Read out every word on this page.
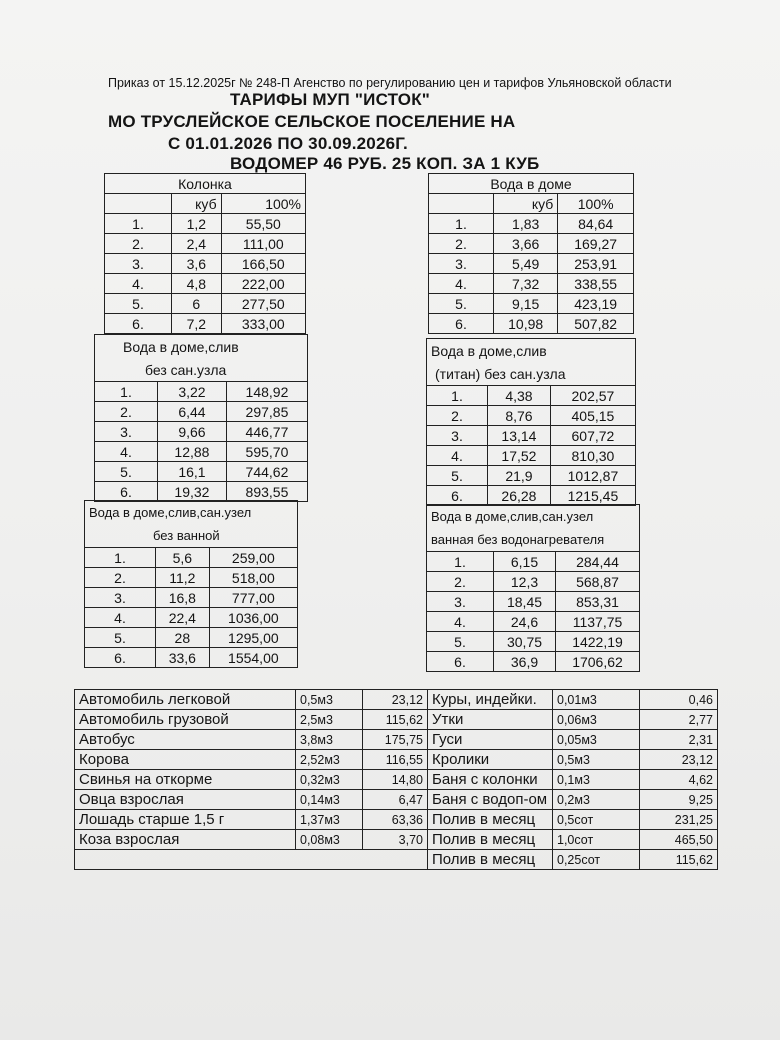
Приказ от 15.12.2025г № 248-П Агенство по регулированию цен и тарифов Ульяновской области
ТАРИФЫ МУП "ИСТОК"
МО ТРУСЛЕЙСКОЕ СЕЛЬСКОЕ ПОСЕЛЕНИЕ НА
С 01.01.2026 ПО 30.09.2026Г.
ВОДОМЕР 46 РУБ. 25 КОП. ЗА 1 КУБ
Колонка		
	куб	100%
1.	1,2	55,50
2.	2,4	111,00
3.	3,6	166,50
4.	4,8	222,00
5.	6	277,50
6.	7,2	333,00
Вода в доме		
	куб	100%
1.	1,83	84,64
2.	3,66	169,27
3.	5,49	253,91
4.	7,32	338,55
5.	9,15	423,19
6.	10,98	507,82
Вода в доме,слив		
без сан.узла		
1.	3,22	148,92
2.	6,44	297,85
3.	9,66	446,77
4.	12,88	595,70
5.	16,1	744,62
6.	19,32	893,55
Вода в доме,слив		
(титан) без сан.узла		
1.	4,38	202,57
2.	8,76	405,15
3.	13,14	607,72
4.	17,52	810,30
5.	21,9	1012,87
6.	26,28	1215,45
Вода в доме,слив,сан.узел		
без ванной		
1.	5,6	259,00
2.	11,2	518,00
3.	16,8	777,00
4.	22,4	1036,00
5.	28	1295,00
6.	33,6	1554,00
Вода в доме,слив,сан.узел		
ванная без водонагревателя		
1.	6,15	284,44
2.	12,3	568,87
3.	18,45	853,31
4.	24,6	1137,75
5.	30,75	1422,19
6.	36,9	1706,62
Автомобиль легковой	0,5м3	23,12	Куры, индейки.	0,01м3	0,46
Автомобиль грузовой	2,5м3	115,62	Утки	0,06м3	2,77
Автобус	3,8м3	175,75	Гуси	0,05м3	2,31
Корова	2,52м3	116,55	Кролики	0,5м3	23,12
Свинья на откорме	0,32м3	14,80	Баня с колонки	0,1м3	4,62
Овца взрослая	0,14м3	6,47	Баня с водоп-ом	0,2м3	9,25
Лошадь старше 1,5 г	1,37м3	63,36	Полив в месяц	0,5сот	231,25
Коза взрослая	0,08м3	3,70	Полив в месяц	1,0сот	465,50
			Полив в месяц	0,25сот	115,62
